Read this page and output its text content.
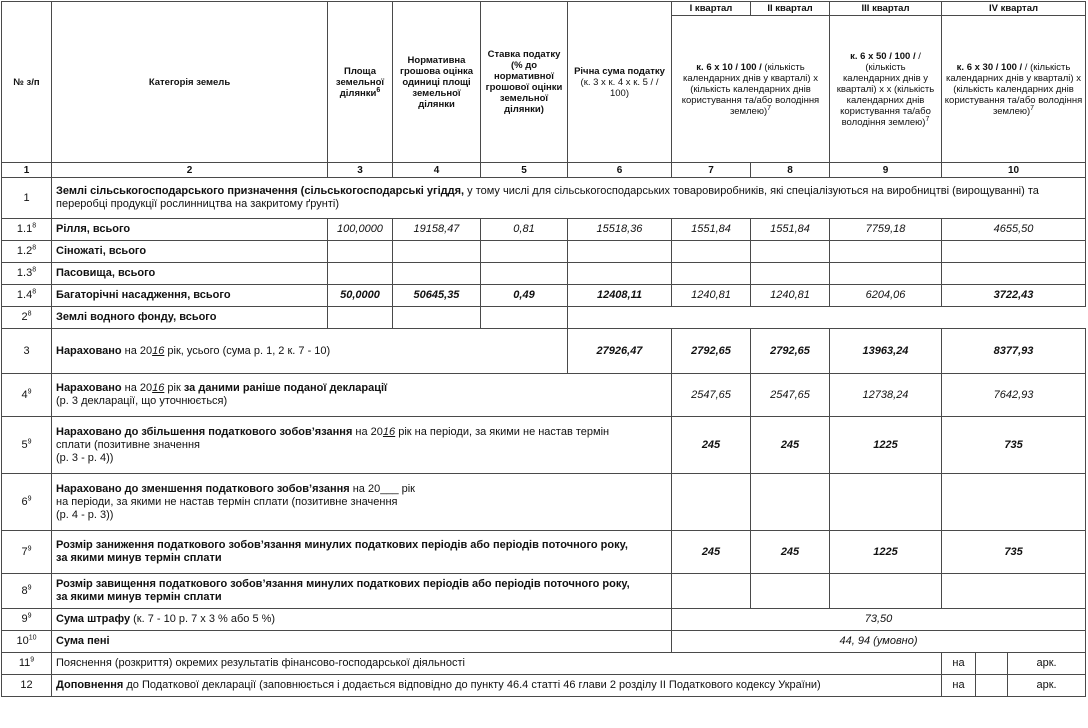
№ з/п	Категорія земель	Площа земельної ділянки$^6$	Нормативна грошова оцінка одиниці площі земельної ділянки	Ставка податку (% до нормативної грошової оцінки земельної ділянки)	Річна сума податку (к. 3 х к. 4 х к. 5 / / 100)	I квартал	II квартал	III квартал	IV квартал		
						к. 6 х 10 / 100 / (кількість календарних днів у кварталі) х (кількість календарних днів користування та/або володіння землею)$^7$		к. 6 х 50 / 100 / / (кількість календарних днів у кварталі) х х (кількість календарних днів користування та/або володіння землею)$^7$	к. 6 х 30 / 100 / / (кількість календарних днів у кварталі) х (кількість календарних днів користування та/або володіння землею)$^7$
1	2	3	4	5	6	7	8	9	10		
1	Землі сільськогосподарського призначення (сільськогосподарські угіддя, у тому числі для сільськогосподарських товаровиробників, які спеціалізуються на виробництві (вирощуванні) та переробці продукції рослинництва на закритому ґрунті)										
$1.1^8$	Рілля, всього	100,0000	19158,47	0,81	15518,36	1551,84	1551,84	7759,18	4655,50		
$1.2^8$	Сіножаті, всього										
$1.3^8$	Пасовища, всього										
$1.4^8$	Багаторічні насадження, всього	50,0000	50645,35	0,49	12408,11	1240,81	1240,81	6204,06	3722,43		
$2^8$	Землі водного фонду, всього										
3	Нараховано на 2016 рік, усього (сума р. 1, 2 к. 7 - 10)				27926,47	2792,65	2792,65	13963,24	8377,93		
$4^9$	Нараховано на 2016 рік за даними раніше поданої декларації
(р. 3 декларації, що уточнюється)					2547,65	2547,65	12738,24	7642,93		
$5^9$	Нараховано до збільшення податкового зобов’язання на 2016 рік на періоди, за якими не настав термін сплати (позитивне значення
(р. 3 - р. 4))					245	245	1225	735		
$6^9$	Нараховано до зменшення податкового зобов’язання на 20___ рік
на періоди, за якими не настав термін сплати (позитивне значення
(р. 4 - р. 3))										
$7^9$	Розмір заниження податкового зобов’язання минулих податкових періодів або періодів поточного року, за якими минув термін сплати					245	245	1225	735		
$8^9$	Розмір завищення податкового зобов’язання минулих податкових періодів або періодів поточного року, за якими минув термін сплати										
$9^9$	Сума штрафу (к. 7 - 10 р. 7 х 3 % або 5 %)					73,50					
$10^{10}$	Сума пені					44, 94 (умовно)					
$11^9$	Пояснення (розкриття) окремих результатів фінансово-господарської діяльності								на		арк.
12	Доповнення до Податкової декларації (заповнюється і додається відповідно до пункту 46.4 статті 46 глави 2 розділу II Податкового кодексу України)								на		арк.
